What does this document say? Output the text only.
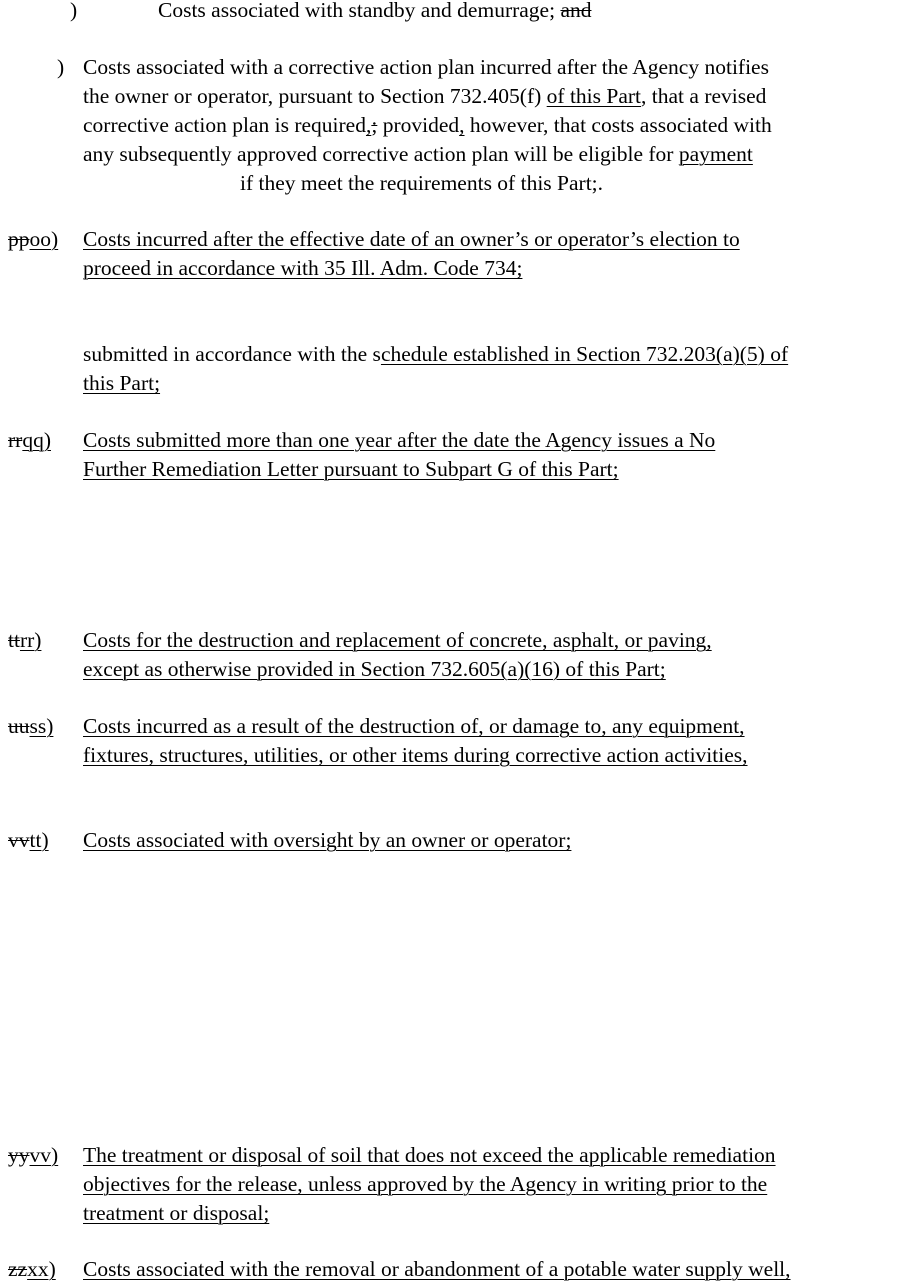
)	Costs associated with standby and demurrage; and

) Costs associated with a corrective action plan incurred after the Agency notifies

the owner or operator, pursuant to Section 732.405(f) of this Part, that a revised

corrective action plan is required,; provided, however, that costs associated with

any subsequently approved corrective action plan will be eligible for payment

if they meet the requirements of this Part;.

ppoo) Costs incurred after the effective date of an owner’s or operator’s election to

proceed in accordance with 35 Ill. Adm. Code 734;

submitted in accordance with the schedule established in Section 732.203(a)(5) of

this Part;

rrqq) Costs submitted more than one year after the date the Agency issues a No

Further Remediation Letter pursuant to Subpart G of this Part;

ttrr) Costs for the destruction and replacement of concrete, asphalt, or paving,

except as otherwise provided in Section 732.605(a)(16) of this Part;

uuss) Costs incurred as a result of the destruction of, or damage to, any equipment,

fixtures, structures, utilities, or other items during corrective action activities,

vvtt) Costs associated with oversight by an owner or operator;

yyvv) The treatment or disposal of soil that does not exceed the applicable remediation

objectives for the release, unless approved by the Agency in writing prior to the

treatment or disposal;

zzxx) Costs associated with the removal or abandonment of a potable water supply well,
